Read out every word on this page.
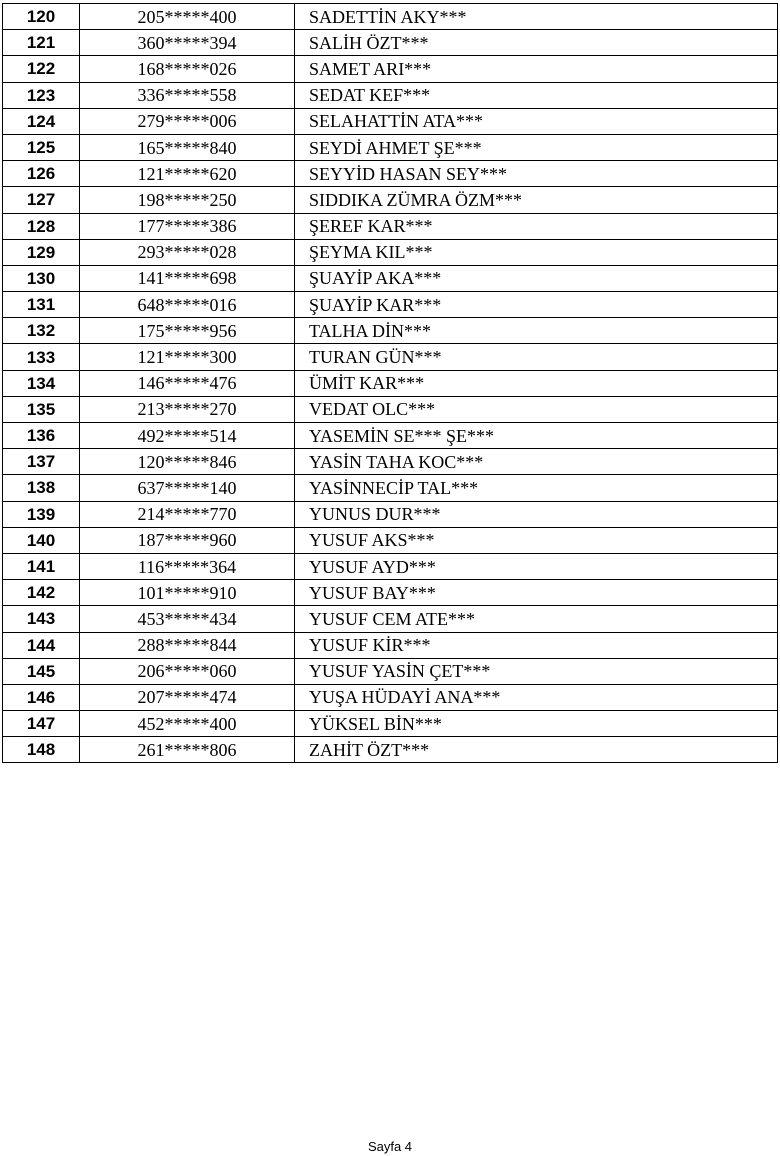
120	205*****400	SADETTİN AKY***
121	360*****394	SALİH ÖZT***
122	168*****026	SAMET ARI***
123	336*****558	SEDAT KEF***
124	279*****006	SELAHATTİN ATA***
125	165*****840	SEYDİ AHMET ŞE***
126	121*****620	SEYYİD HASAN SEY***
127	198*****250	SIDDIKA ZÜMRA ÖZM***
128	177*****386	ŞEREF KAR***
129	293*****028	ŞEYMA KIL***
130	141*****698	ŞUAYİP AKA***
131	648*****016	ŞUAYİP KAR***
132	175*****956	TALHA DİN***
133	121*****300	TURAN GÜN***
134	146*****476	ÜMİT KAR***
135	213*****270	VEDAT OLC***
136	492*****514	YASEMİN SE*** ŞE***
137	120*****846	YASİN TAHA KOC***
138	637*****140	YASİNNECİP TAL***
139	214*****770	YUNUS DUR***
140	187*****960	YUSUF AKS***
141	116*****364	YUSUF AYD***
142	101*****910	YUSUF BAY***
143	453*****434	YUSUF CEM ATE***
144	288*****844	YUSUF KİR***
145	206*****060	YUSUF YASİN ÇET***
146	207*****474	YUŞA HÜDAYİ ANA***
147	452*****400	YÜKSEL BİN***
148	261*****806	ZAHİT ÖZT***
Sayfa 4
